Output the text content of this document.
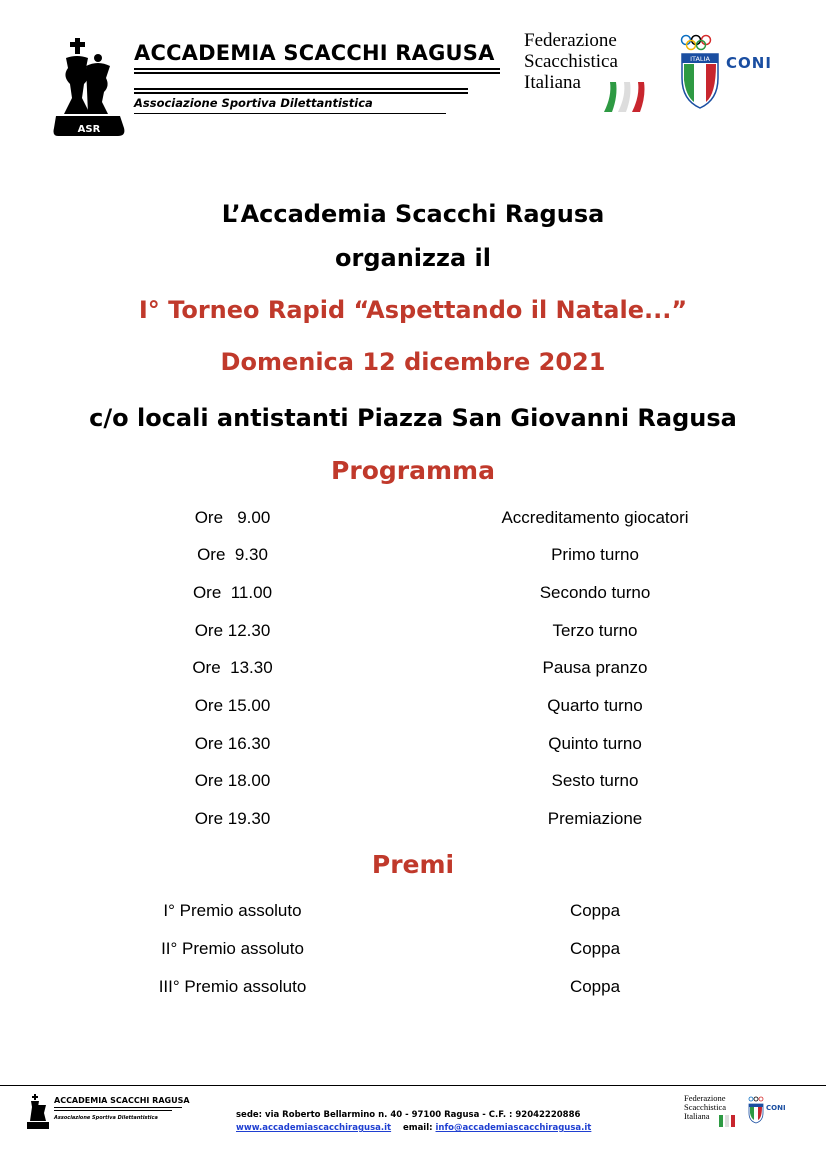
ASR
ACCADEMIA SCACCHI RAGUSA
Associazione Sportiva Dilettantistica
Federazione
Scacchistica
Italiana
ITALIA CONI
L’Accademia Scacchi Ragusa
organizza il
I° Torneo Rapid “Aspettando il Natale...”
Domenica 12 dicembre 2021
c/o locali antistanti Piazza San Giovanni Ragusa
Programma
Ore   9.00	Accreditamento giocatori
Ore  9.30	Primo turno
Ore  11.00	Secondo turno
Ore 12.30	Terzo turno
Ore  13.30	Pausa pranzo
Ore 15.00	Quarto turno
Ore 16.30	Quinto turno
Ore 18.00	Sesto turno
Ore 19.30	Premiazione
Premi
I° Premio assoluto	Coppa
II° Premio assoluto	Coppa
III° Premio assoluto	Coppa
ACCADEMIA SCACCHI RAGUSA
Associazione Sportiva Dilettantistica	sede: via Roberto Bellarmino n. 40 - 97100 Ragusa - C.F. : 92042220886
www.accademiascacchiragusa.it email: info@accademiascacchiragusa.it
Federazione
Scacchistica
Italiana
CONI
